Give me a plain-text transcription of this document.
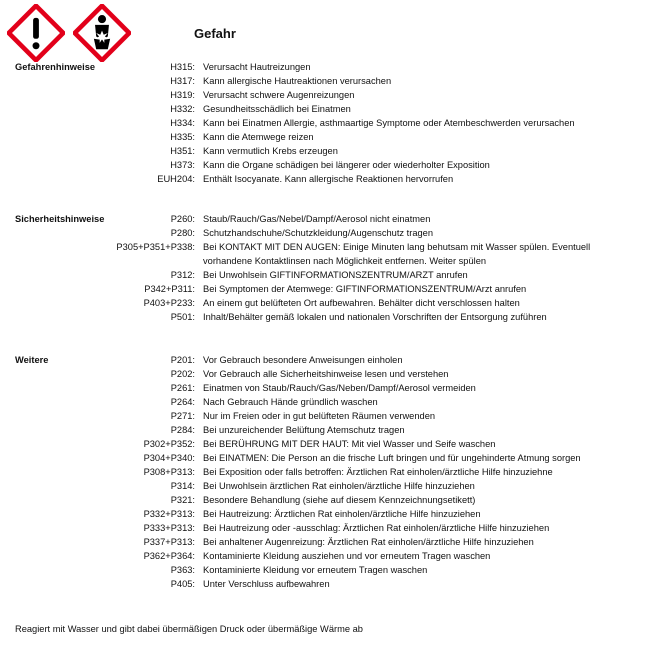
Gefahr
Gefahrenhinweise	H315: Verursacht Hautreizungen
H317: Kann allergische Hautreaktionen verursachen
H319: Verursacht schwere Augenreizungen
H332: Gesundheitsschädlich bei Einatmen
H334: Kann bei Einatmen Allergie, asthmaartige Symptome oder Atembeschwerden verursachen
H335: Kann die Atemwege reizen
H351: Kann vermutlich Krebs erzeugen
H373: Kann die Organe schädigen bei längerer oder wiederholter Exposition
EUH204: Enthält Isocyanate. Kann allergische Reaktionen hervorrufen
Sicherheitshinweise	P260: Staub/Rauch/Gas/Nebel/Dampf/Aerosol nicht einatmen
P280: Schutzhandschuhe/Schutzkleidung/Augenschutz tragen
P305+P351+P338: Bei KONTAKT MIT DEN AUGEN: Einige Minuten lang behutsam mit Wasser spülen. Eventuell vorhandene Kontaktlinsen nach Möglichkeit entfernen. Weiter spülen
P312: Bei Unwohlsein GIFTINFORMATIONSZENTRUM/ARZT anrufen
P342+P311: Bei Symptomen der Atemwege: GIFTINFORMATIONSZENTRUM/Arzt anrufen
P403+P233: An einem gut belüfteten Ort aufbewahren. Behälter dicht verschlossen halten
P501: Inhalt/Behälter gemäß lokalen und nationalen Vorschriften der Entsorgung zuführen
Weitere	P201: Vor Gebrauch besondere Anweisungen einholen
P202: Vor Gebrauch alle Sicherheitshinweise lesen und verstehen
P261: Einatmen von Staub/Rauch/Gas/Neben/Dampf/Aerosol vermeiden
P264: Nach Gebrauch Hände gründlich waschen
P271: Nur im Freien oder in gut belüfteten Räumen verwenden
P284: Bei unzureichender Belüftung Atemschutz tragen
P302+P352: Bei BERÜHRUNG MIT DER HAUT: Mit viel Wasser und Seife waschen
P304+P340: Bei EINATMEN: Die Person an die frische Luft bringen und für ungehinderte Atmung sorgen
P308+P313: Bei Exposition oder falls betroffen: Ärztlichen Rat einholen/ärztliche Hilfe hinzuziehne
P314: Bei Unwohlsein ärztlichen Rat einholen/ärztliche Hilfe hinzuziehen
P321: Besondere Behandlung (siehe auf diesem Kennzeichnungsetikett)
P332+P313: Bei Hautreizung: Ärztlichen Rat einholen/ärztliche Hilfe hinzuziehen
P333+P313: Bei Hautreizung oder -ausschlag: Ärztlichen Rat einholen/ärztliche Hilfe hinzuziehen
P337+P313: Bei anhaltener Augenreizung: Ärztlichen Rat einholen/ärztliche Hilfe hinzuziehen
P362+P364: Kontaminierte Kleidung ausziehen und vor erneutem Tragen waschen
P363: Kontaminierte Kleidung vor erneutem Tragen waschen
P405: Unter Verschluss aufbewahren
Reagiert mit Wasser und gibt dabei übermäßigen Druck oder übermäßige Wärme ab
